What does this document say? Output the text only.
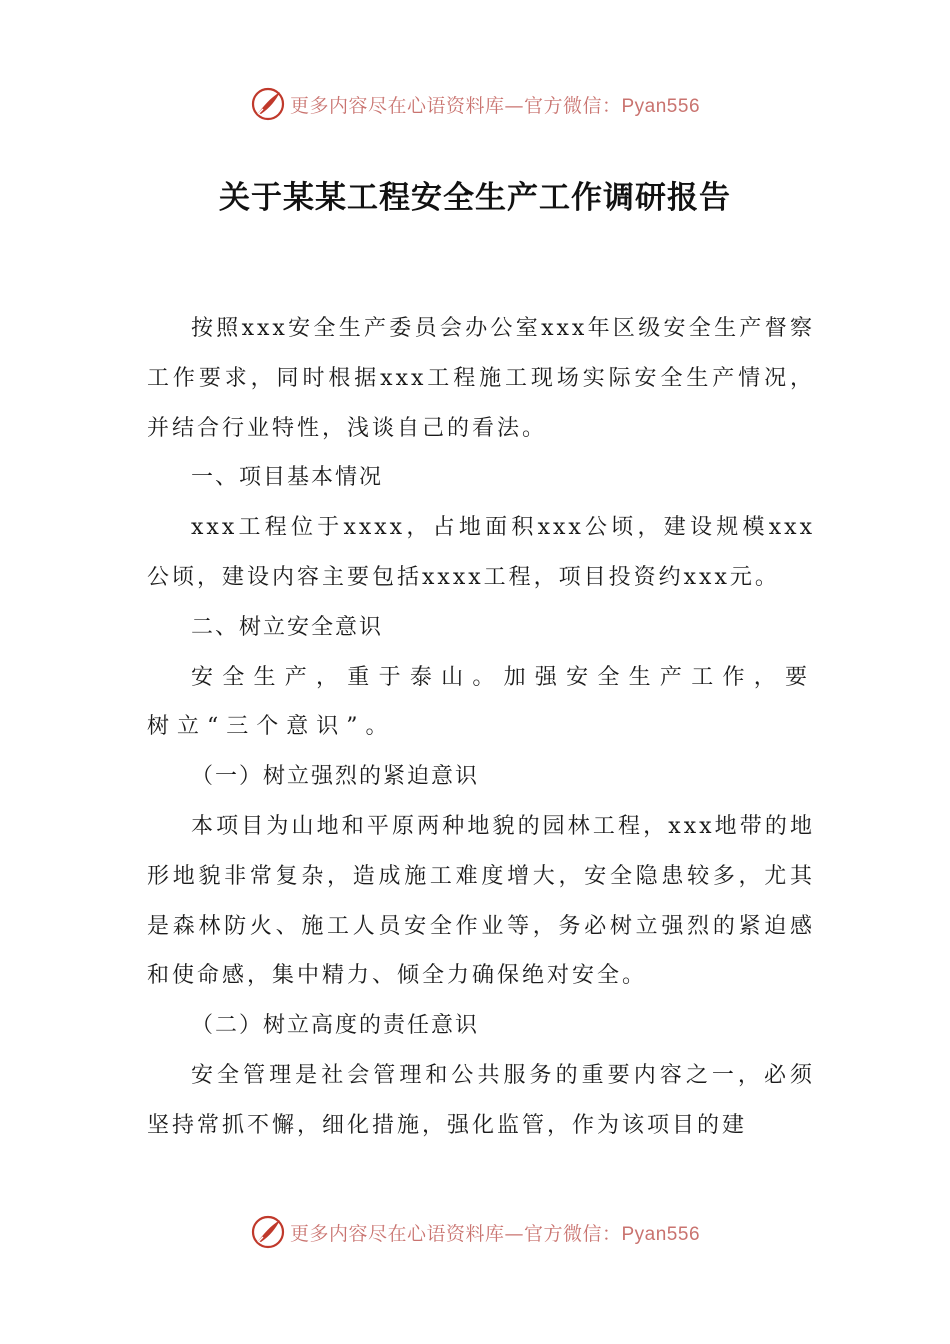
更多内容尽在心语资料库—官方微信：Pyan556
关于某某工程安全生产工作调研报告

按照xxx安全生产委员会办公室xxx年区级安全生产督察工作要求，同时根据xxx工程施工现场实际安全生产情况，并结合行业特性，浅谈自己的看法。

一、项目基本情况

xxx工程位于xxxx，占地面积xxx公顷，建设规模xxx公顷，建设内容主要包括xxxx工程，项目投资约xxx元。

二、树立安全意识

安全生产，重于泰山。加强安全生产工作，要树立“三个意识”。

（一）树立强烈的紧迫意识

本项目为山地和平原两种地貌的园林工程，xxx地带的地形地貌非常复杂，造成施工难度增大，安全隐患较多，尤其是森林防火、施工人员安全作业等，务必树立强烈的紧迫感和使命感，集中精力、倾全力确保绝对安全。

（二）树立高度的责任意识

安全管理是社会管理和公共服务的重要内容之一，必须坚持常抓不懈，细化措施，强化监管，作为该项目的建

更多内容尽在心语资料库—官方微信：Pyan556
